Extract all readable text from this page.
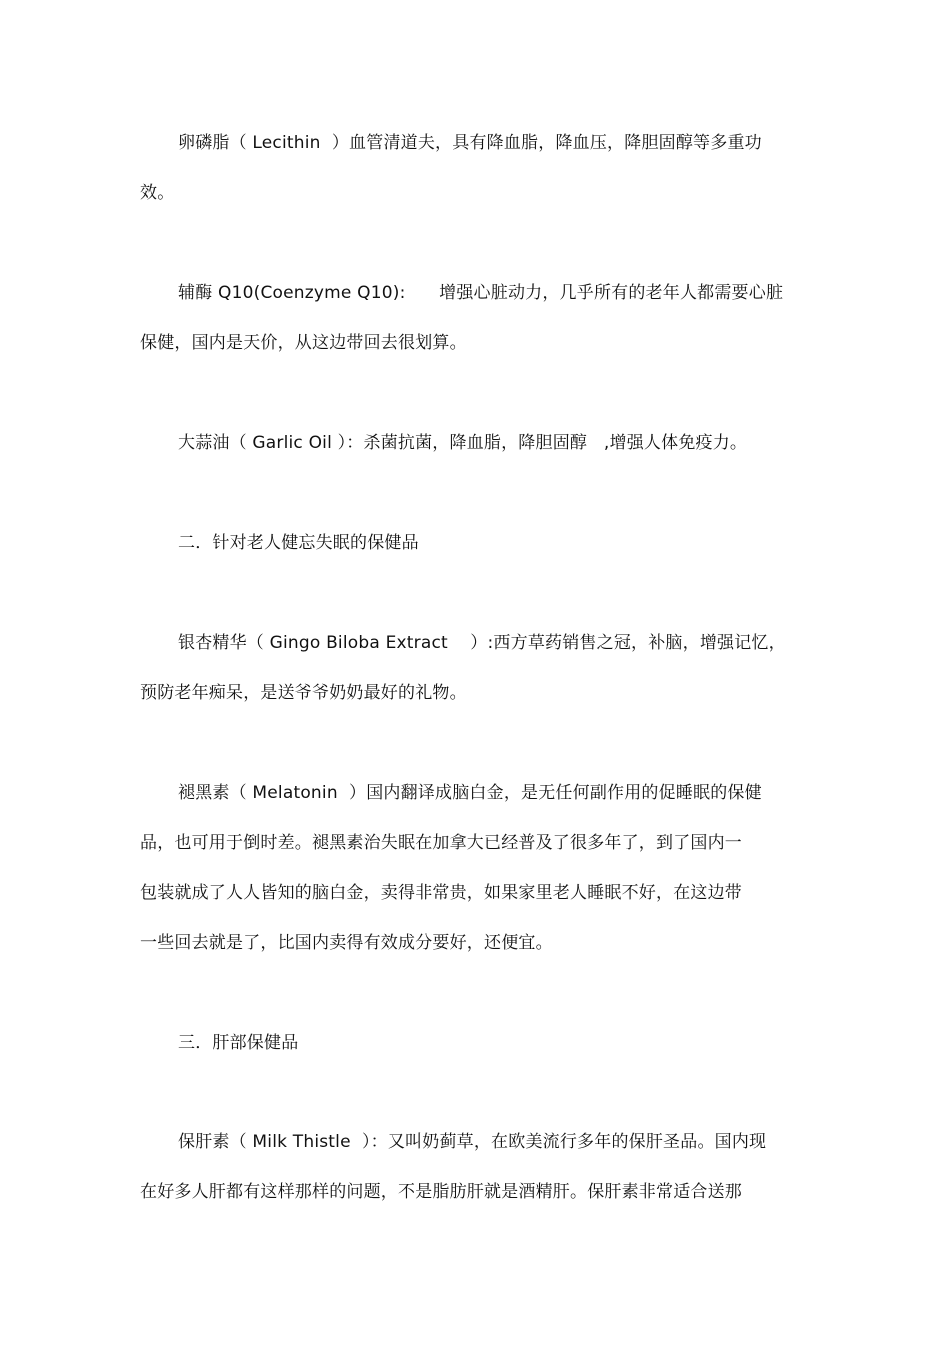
卵磷脂（ Lecithin  ）血管清道夫，具有降血脂，降血压，降胆固醇等多重功
效。
辅酶 Q10(Coenzyme Q10):      增强心脏动力，几乎所有的老年人都需要心脏
保健，国内是天价，从这边带回去很划算。
大蒜油（ Garlic Oil ）：杀菌抗菌，降血脂，降胆固醇   ,增强人体免疫力。
二．针对老人健忘失眠的保健品
银杏精华（ Gingo Biloba Extract    ）:西方草药销售之冠，补脑，增强记忆，
预防老年痴呆，是送爷爷奶奶最好的礼物。
褪黑素（ Melatonin  ）国内翻译成脑白金，是无任何副作用的促睡眠的保健
品，也可用于倒时差。褪黑素治失眠在加拿大已经普及了很多年了，到了国内一
包装就成了人人皆知的脑白金，卖得非常贵，如果家里老人睡眠不好，在这边带
一些回去就是了，比国内卖得有效成分要好，还便宜。
三．肝部保健品
保肝素（ Milk Thistle  ）：又叫奶蓟草，在欧美流行多年的保肝圣品。国内现
在好多人肝都有这样那样的问题，不是脂肪肝就是酒精肝。保肝素非常适合送那
